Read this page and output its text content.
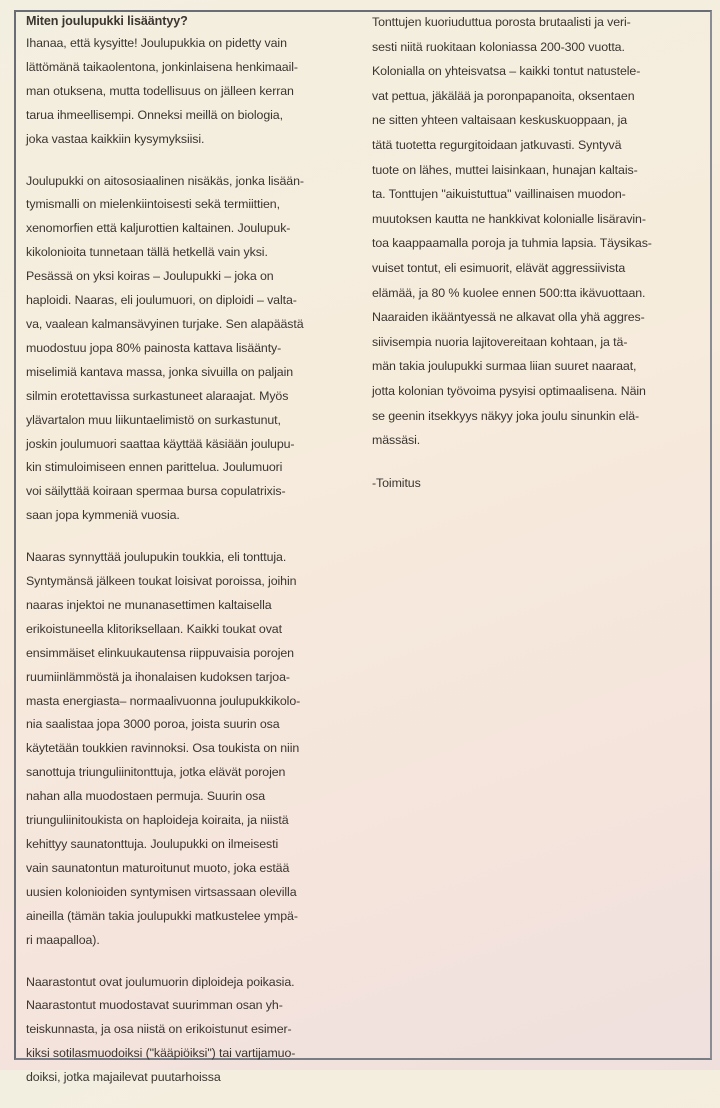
Miten joulupukki lisääntyy?
Ihanaa, että kysyitte! Joulupukkia on pidetty vain
lättömänä taikaolentona, jonkinlaisena henkimaail-
man otuksena, mutta todellisuus on jälleen kerran
tarua ihmeellisempi. Onneksi meillä on biologia,
joka vastaa kaikkiin kysymyksiisi.
Joulupukki on aitososiaalinen nisäkäs, jonka lisään-
tymismalli on mielenkiintoisesti sekä termiittien,
xenomorfien että kaljurottien kaltainen. Joulupuk-
kikolonioita tunnetaan tällä hetkellä vain yksi.
Pesässä on yksi koiras – Joulupukki – joka on
haploidi. Naaras, eli joulumuori, on diploidi – valta-
va, vaalean kalmansävyinen turjake. Sen alapäästä
muodostuu jopa 80% painosta kattava lisäänty-
miselimiä kantava massa, jonka sivuilla on paljain
silmin erotettavissa surkastuneet alaraajat. Myös
ylävartalon muu liikuntaelimistö on surkastunut,
joskin joulumuori saattaa käyttää käsiään joulupu-
kin stimuloimiseen ennen parittelua. Joulumuori
voi säilyttää koiraan spermaa bursa copulatrixis-
saan jopa kymmeniä vuosia.
Naaras synnyttää joulupukin toukkia, eli tonttuja.
Syntymänsä jälkeen toukat loisivat poroissa, joihin
naaras injektoi ne munanasettimen kaltaisella
erikoistuneella klitoriksellaan. Kaikki toukat ovat
ensimmäiset elinkuukautensa riippuvaisia porojen
ruumiinlämmöstä ja ihonalaisen kudoksen tarjoa-
masta energiasta– normaalivuonna joulupukkikolo-
nia saalistaa jopa 3000 poroa, joista suurin osa
käytetään toukkien ravinnoksi. Osa toukista on niin
sanottuja triunguliinitonttuja, jotka elävät porojen
nahan alla muodostaen permuja. Suurin osa
triunguliinitoukista on haploideja koiraita, ja niistä
kehittyy saunatonttuja. Joulupukki on ilmeisesti
vain saunatontun maturoitunut muoto, joka estää
uusien kolonioiden syntymisen virtsassaan olevilla
aineilla (tämän takia joulupukki matkustelee ympä-
ri maapalloa).
Naarastontut ovat joulumuorin diploideja poikasia.
Naarastontut muodostavat suurimman osan yh-
teiskunnasta, ja osa niistä on erikoistunut esimer-
kiksi sotilasmuodoiksi ("kääpiöiksi") tai vartijamuo-
doiksi, jotka majailevat puutarhoissa
Tonttujen kuoriuduttua porosta brutaalisti ja veri-
sesti niitä ruokitaan koloniassa 200-300 vuotta.
Kolonialla on yhteisvatsa – kaikki tontut natustele-
vat pettua, jäkälää ja poronpapanoita, oksentaen
ne sitten yhteen valtaisaan keskuskuoppaan, ja
tätä tuotetta regurgitoidaan jatkuvasti. Syntyvä
tuote on lähes, muttei laisinkaan, hunajan kaltais-
ta. Tonttujen "aikuistuttua" vaillinaisen muodon-
muutoksen kautta ne hankkivat kolonialle lisäravin-
toa kaappaamalla poroja ja tuhmia lapsia. Täysikas-
vuiset tontut, eli esimuorit, elävät aggressiivista
elämää, ja 80 % kuolee ennen 500:tta ikävuottaan.
Naaraiden ikääntyessä ne alkavat olla yhä aggres-
siivisempia nuoria lajitovereitaan kohtaan, ja tä-
män takia joulupukki surmaa liian suuret naaraat,
jotta kolonian työvoima pysyisi optimaalisena. Näin
se geenin itsekkyys näkyy joka joulu sinunkin elä-
mässäsi.
-Toimitus
